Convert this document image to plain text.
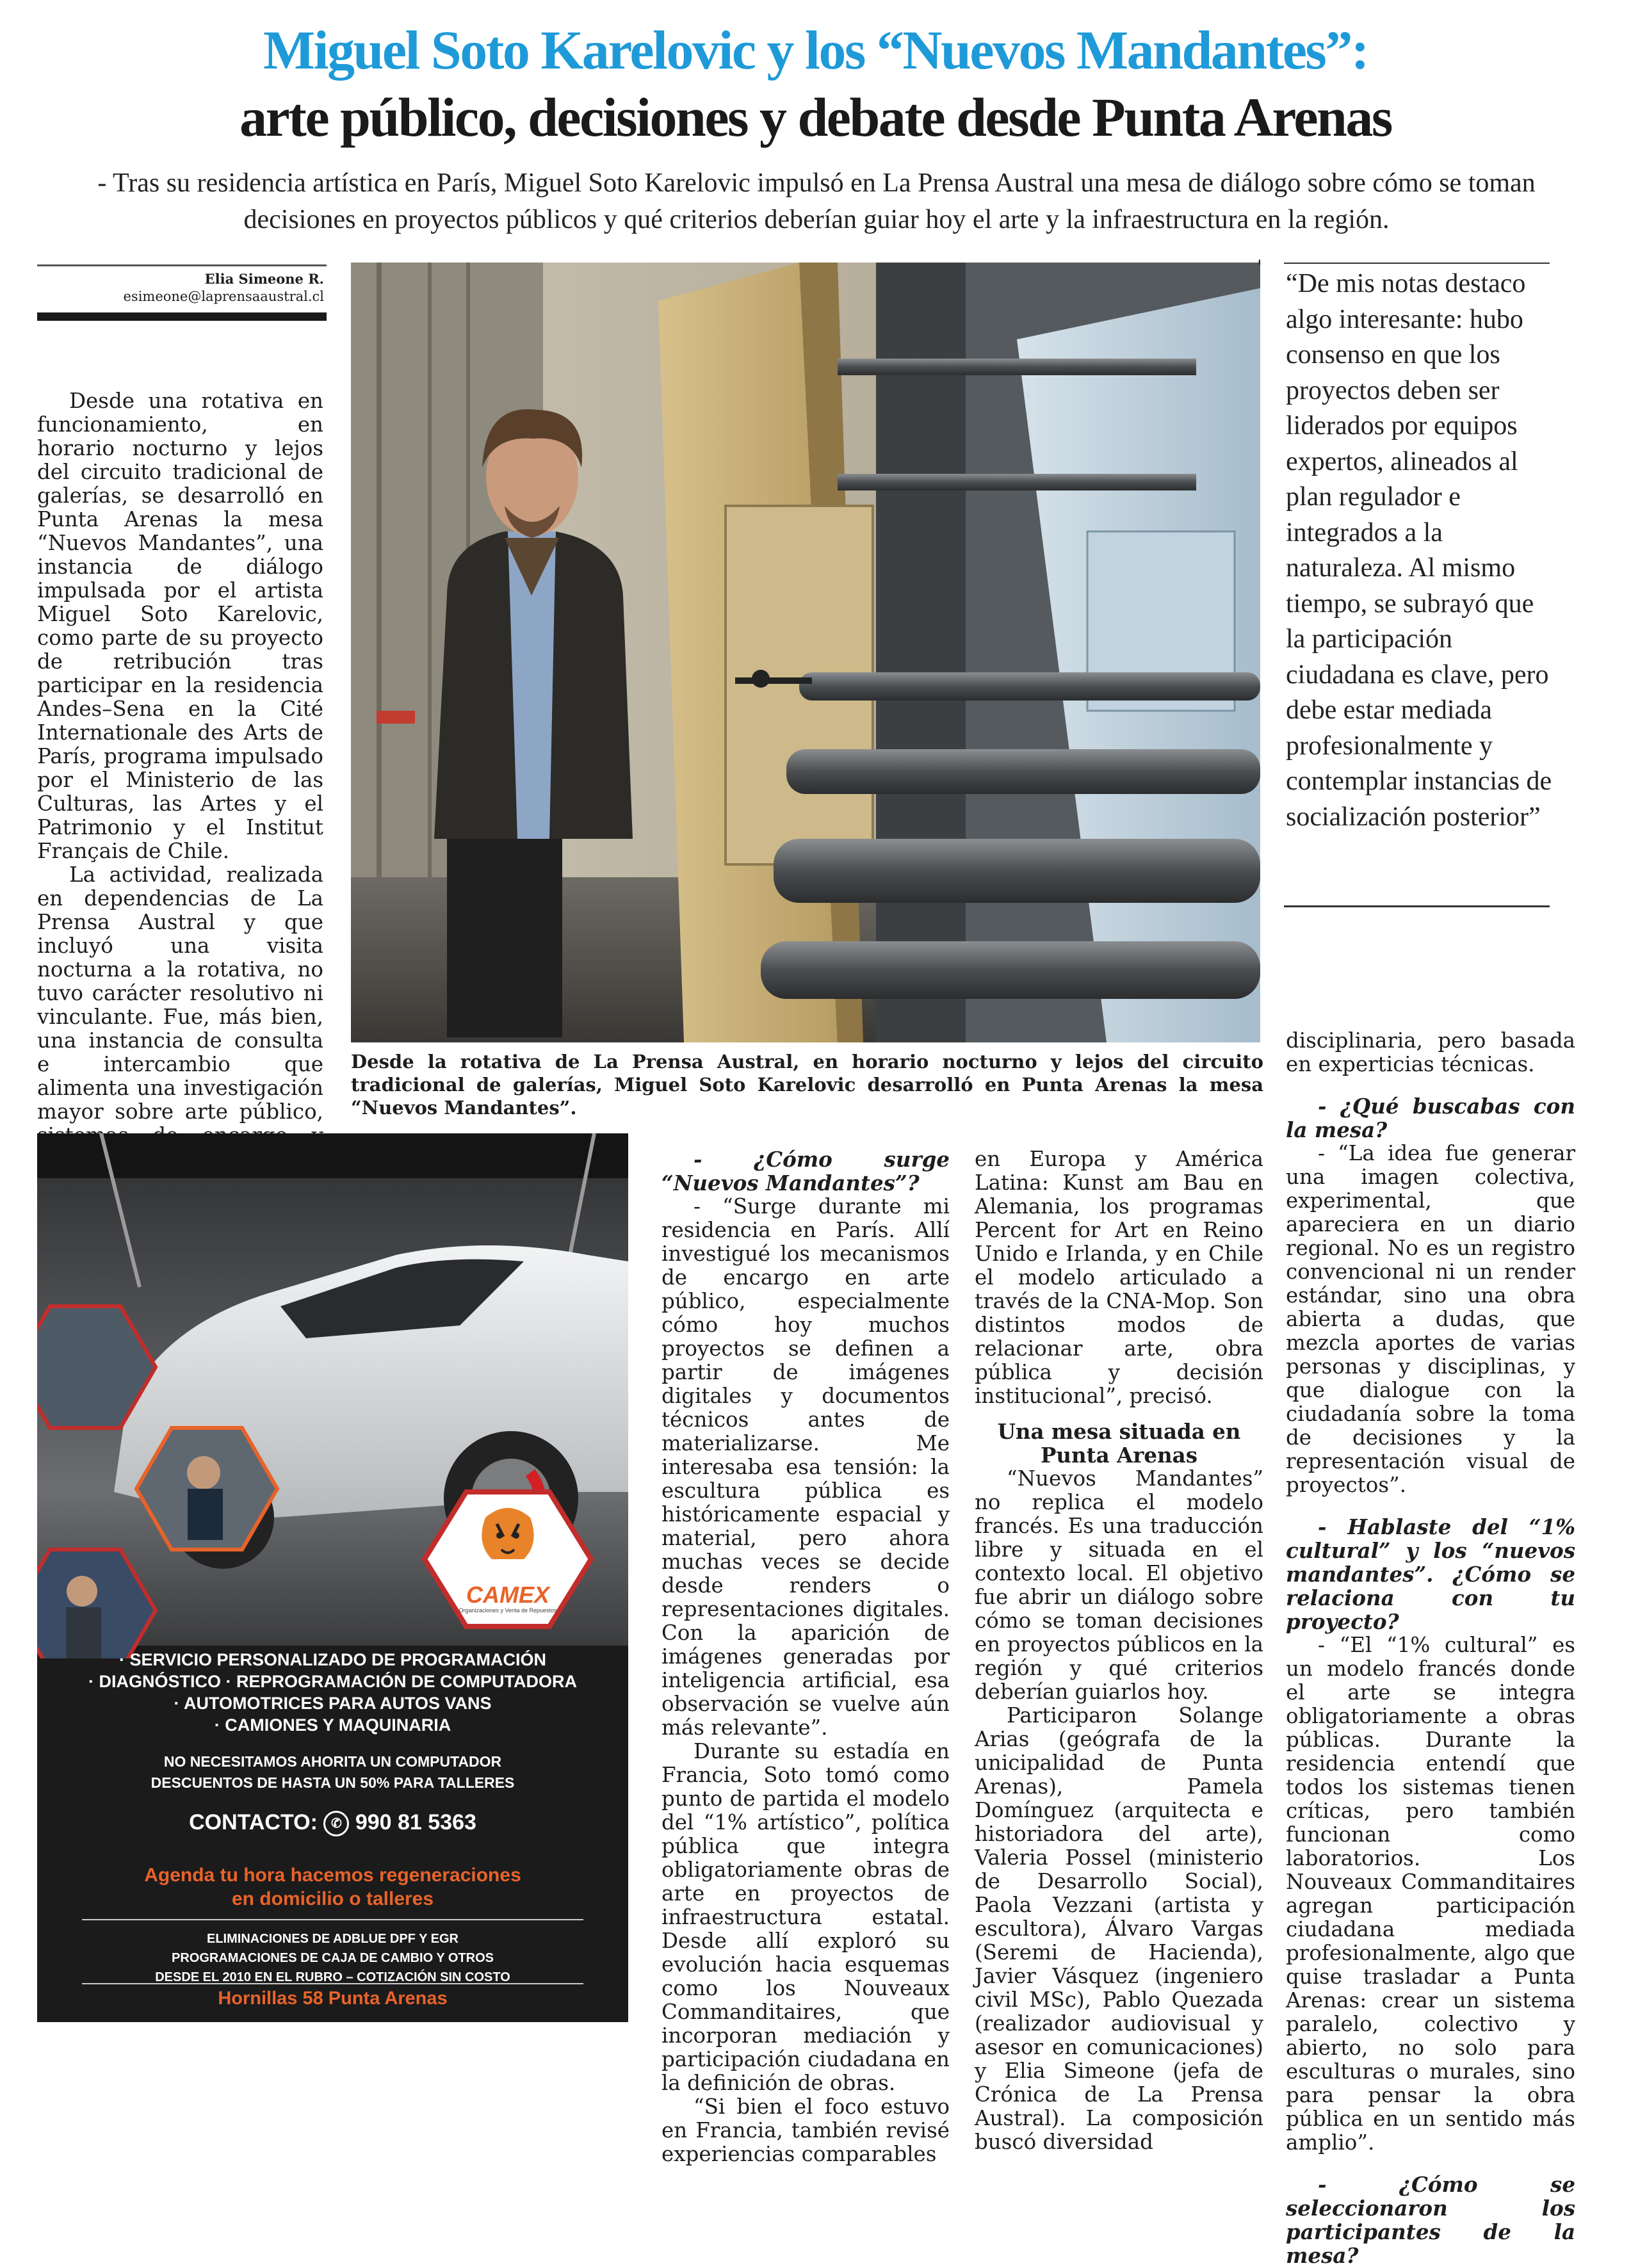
Miguel Soto Karelovic y los “Nuevos Mandantes”:
arte público, decisiones y debate desde Punta Arenas
- Tras su residencia artística en París, Miguel Soto Karelovic impulsó en La Prensa Austral una mesa de diálogo sobre cómo se toman decisiones en proyectos públicos y qué criterios deberían guiar hoy el arte y la infraestructura en la región.
Elia Simeone R.
esimeone@laprensaaustral.cl

Desde una rotativa en funcionamiento, en horario nocturno y lejos del circuito tradicional de galerías, se desarrolló en Punta Arenas la mesa “Nuevos Mandantes”, una instancia de diálogo impulsada por el artista Miguel Soto Karelovic, como parte de su proyecto de retribución tras participar en la residencia Andes–Sena en la Cité Internationale des Arts de París, programa impulsado por el Ministerio de las Culturas, las Artes y el Patrimonio y el Institut Français de Chile.

La actividad, realizada en dependencias de La Prensa Austral y que incluyó una visita nocturna a la rotativa, no tuvo carácter resolutivo ni vinculante. Fue, más bien, una instancia de consulta e intercambio que alimenta una investigación mayor sobre arte público,

Desde la rotativa de La Prensa Austral, en horario nocturno y lejos del circuito tradicional de galerías, Miguel Soto Karelovic desarrolló en Punta Arenas la mesa “Nuevos Mandantes”.
'
“De mis notas destaco algo interesante: hubo consenso en que los proyectos deben ser liderados por equipos expertos, alineados al plan regulador e integrados a la naturaleza. Al mismo tiempo, se subrayó que la participación ciudadana es clave, pero debe estar mediada profesionalmente y contemplar instancias de socialización posterior”
CAMEX
Organizaciones y Venta de Repuestos
· SERVICIO PERSONALIZADO DE PROGRAMACIÓN
· DIAGNÓSTICO · REPROGRAMACIÓN DE COMPUTADORA
· AUTOMOTRICES PARA AUTOS VANS
· CAMIONES Y MAQUINARIA
NO NECESITAMOS AHORITA UN COMPUTADOR
DESCUENTOS DE HASTA UN 50% PARA TALLERES
CONTACTO: ✆ 990 81 5363
Agenda tu hora hacemos regeneraciones
en domicilio o talleres
ELIMINACIONES DE ADBLUE DPF Y EGR
PROGRAMACIONES DE CAJA DE CAMBIO Y OTROS
DESDE EL 2010 EN EL RUBRO – COTIZACIÓN SIN COSTO
Hornillas 58 Punta Arenas

- ¿Cómo surge “Nuevos Mandantes”?

- “Surge durante mi residencia en París. Allí investigué los mecanismos de encargo en arte público, especialmente cómo hoy muchos proyectos se definen a partir de imágenes digitales y documentos técnicos antes de materializarse. Me interesaba esa tensión: la escultura pública es históricamente espacial y material, pero ahora muchas veces se decide desde renders o representaciones digitales. Con la aparición de imágenes generadas por inteligencia artificial, esa observación se vuelve aún más relevante”.

Durante su estadía en Francia, Soto tomó como punto de partida el modelo del “1% artístico”, política pública que integra obligatoriamente obras de arte en proyectos de infraestructura estatal. Desde allí exploró su evolución hacia esquemas como los Nouveaux Commanditaires, que incorporan mediación y participación ciudadana en la definición de obras.

“Si bien el foco estuvo en Francia, también revisé experiencias comparables

en Europa y América Latina: Kunst am Bau en Alemania, los programas Percent for Art en Reino Unido e Irlanda, y en Chile el modelo articulado a través de la CNA-Mop. Son distintos modos de relacionar arte, obra pública y decisión institucional”, precisó.

Una mesa situada en Punta Arenas

“Nuevos Mandantes” no replica el modelo francés. Es una traducción libre y situada en el contexto local. El objetivo fue abrir un diálogo sobre cómo se toman decisiones en proyectos públicos en la región y qué criterios deberían guiarlos hoy.

Participaron Solange Arias (geógrafa de la unicipalidad de Punta Arenas), Pamela Domínguez (arquitecta e historiadora del arte), Valeria Possel (ministerio de Desarrollo Social), Paola Vezzani (artista y escultora), Álvaro Vargas (Seremi de Hacienda), Javier Vásquez (ingeniero civil MSc), Pablo Quezada (realizador audiovisual y asesor en comunicaciones) y Elia Simeone (jefa de Crónica de La Prensa Austral). La composición buscó diversidad

disciplinaria, pero basada en experticias técnicas.

- ¿Qué buscabas con la mesa?

- “La idea fue generar una imagen colectiva, experimental, que apareciera en un diario regional. No es un registro convencional ni un render estándar, sino una obra abierta a dudas, que mezcla aportes de varias personas y disciplinas, y que dialogue con la ciudadanía sobre la toma de decisiones y la representación visual de proyectos”.

- Hablaste del “1% cultural” y los “nuevos mandantes”. ¿Cómo se relaciona con tu proyecto?

- “El “1% cultural” es un modelo francés donde el arte se integra obligatoriamente a obras públicas. Durante la residencia entendí que todos los sistemas tienen críticas, pero también funcionan como laboratorios. Los Nouveaux Commanditaires agregan participación ciudadana mediada profesionalmente, algo que quise trasladar a Punta Arenas: crear un sistema paralelo, colectivo y abierto, no solo para esculturas o murales, sino para pensar la obra pública en un sentido más amplio”.

- ¿Cómo se seleccionaron los participantes de la mesa?
